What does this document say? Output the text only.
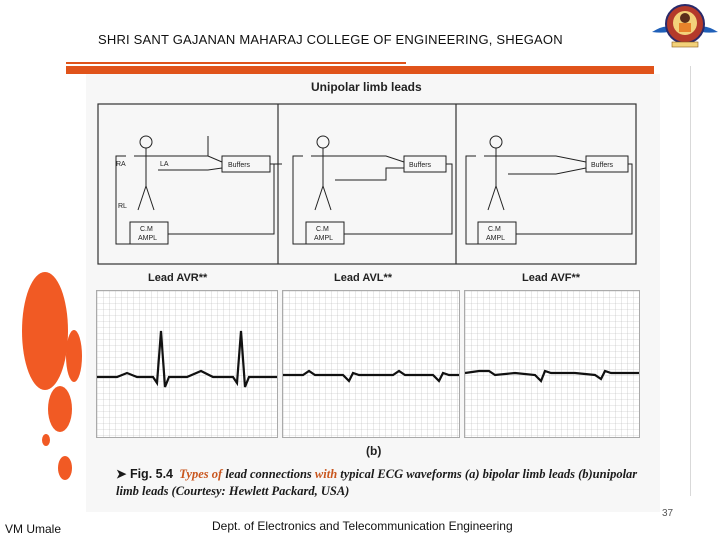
SHRI SANT GAJANAN MAHARAJ COLLEGE OF ENGINEERING, SHEGAON
Unipolar limb leads
RA	LA
RL
Buffers
C.M
AMPL
Buffers
C.M
AMPL
Buffers
C.M
AMPL
Lead AVR**	Lead AVL**	Lead AVF**
(b)
➤ Fig. 5.4 Types of lead connections with typical ECG waveforms (a) bipolar limb leads (b)unipolar limb leads (Courtesy: Hewlett Packard, USA)
37
VM Umale	Dept. of Electronics and Telecommunication Engineering
